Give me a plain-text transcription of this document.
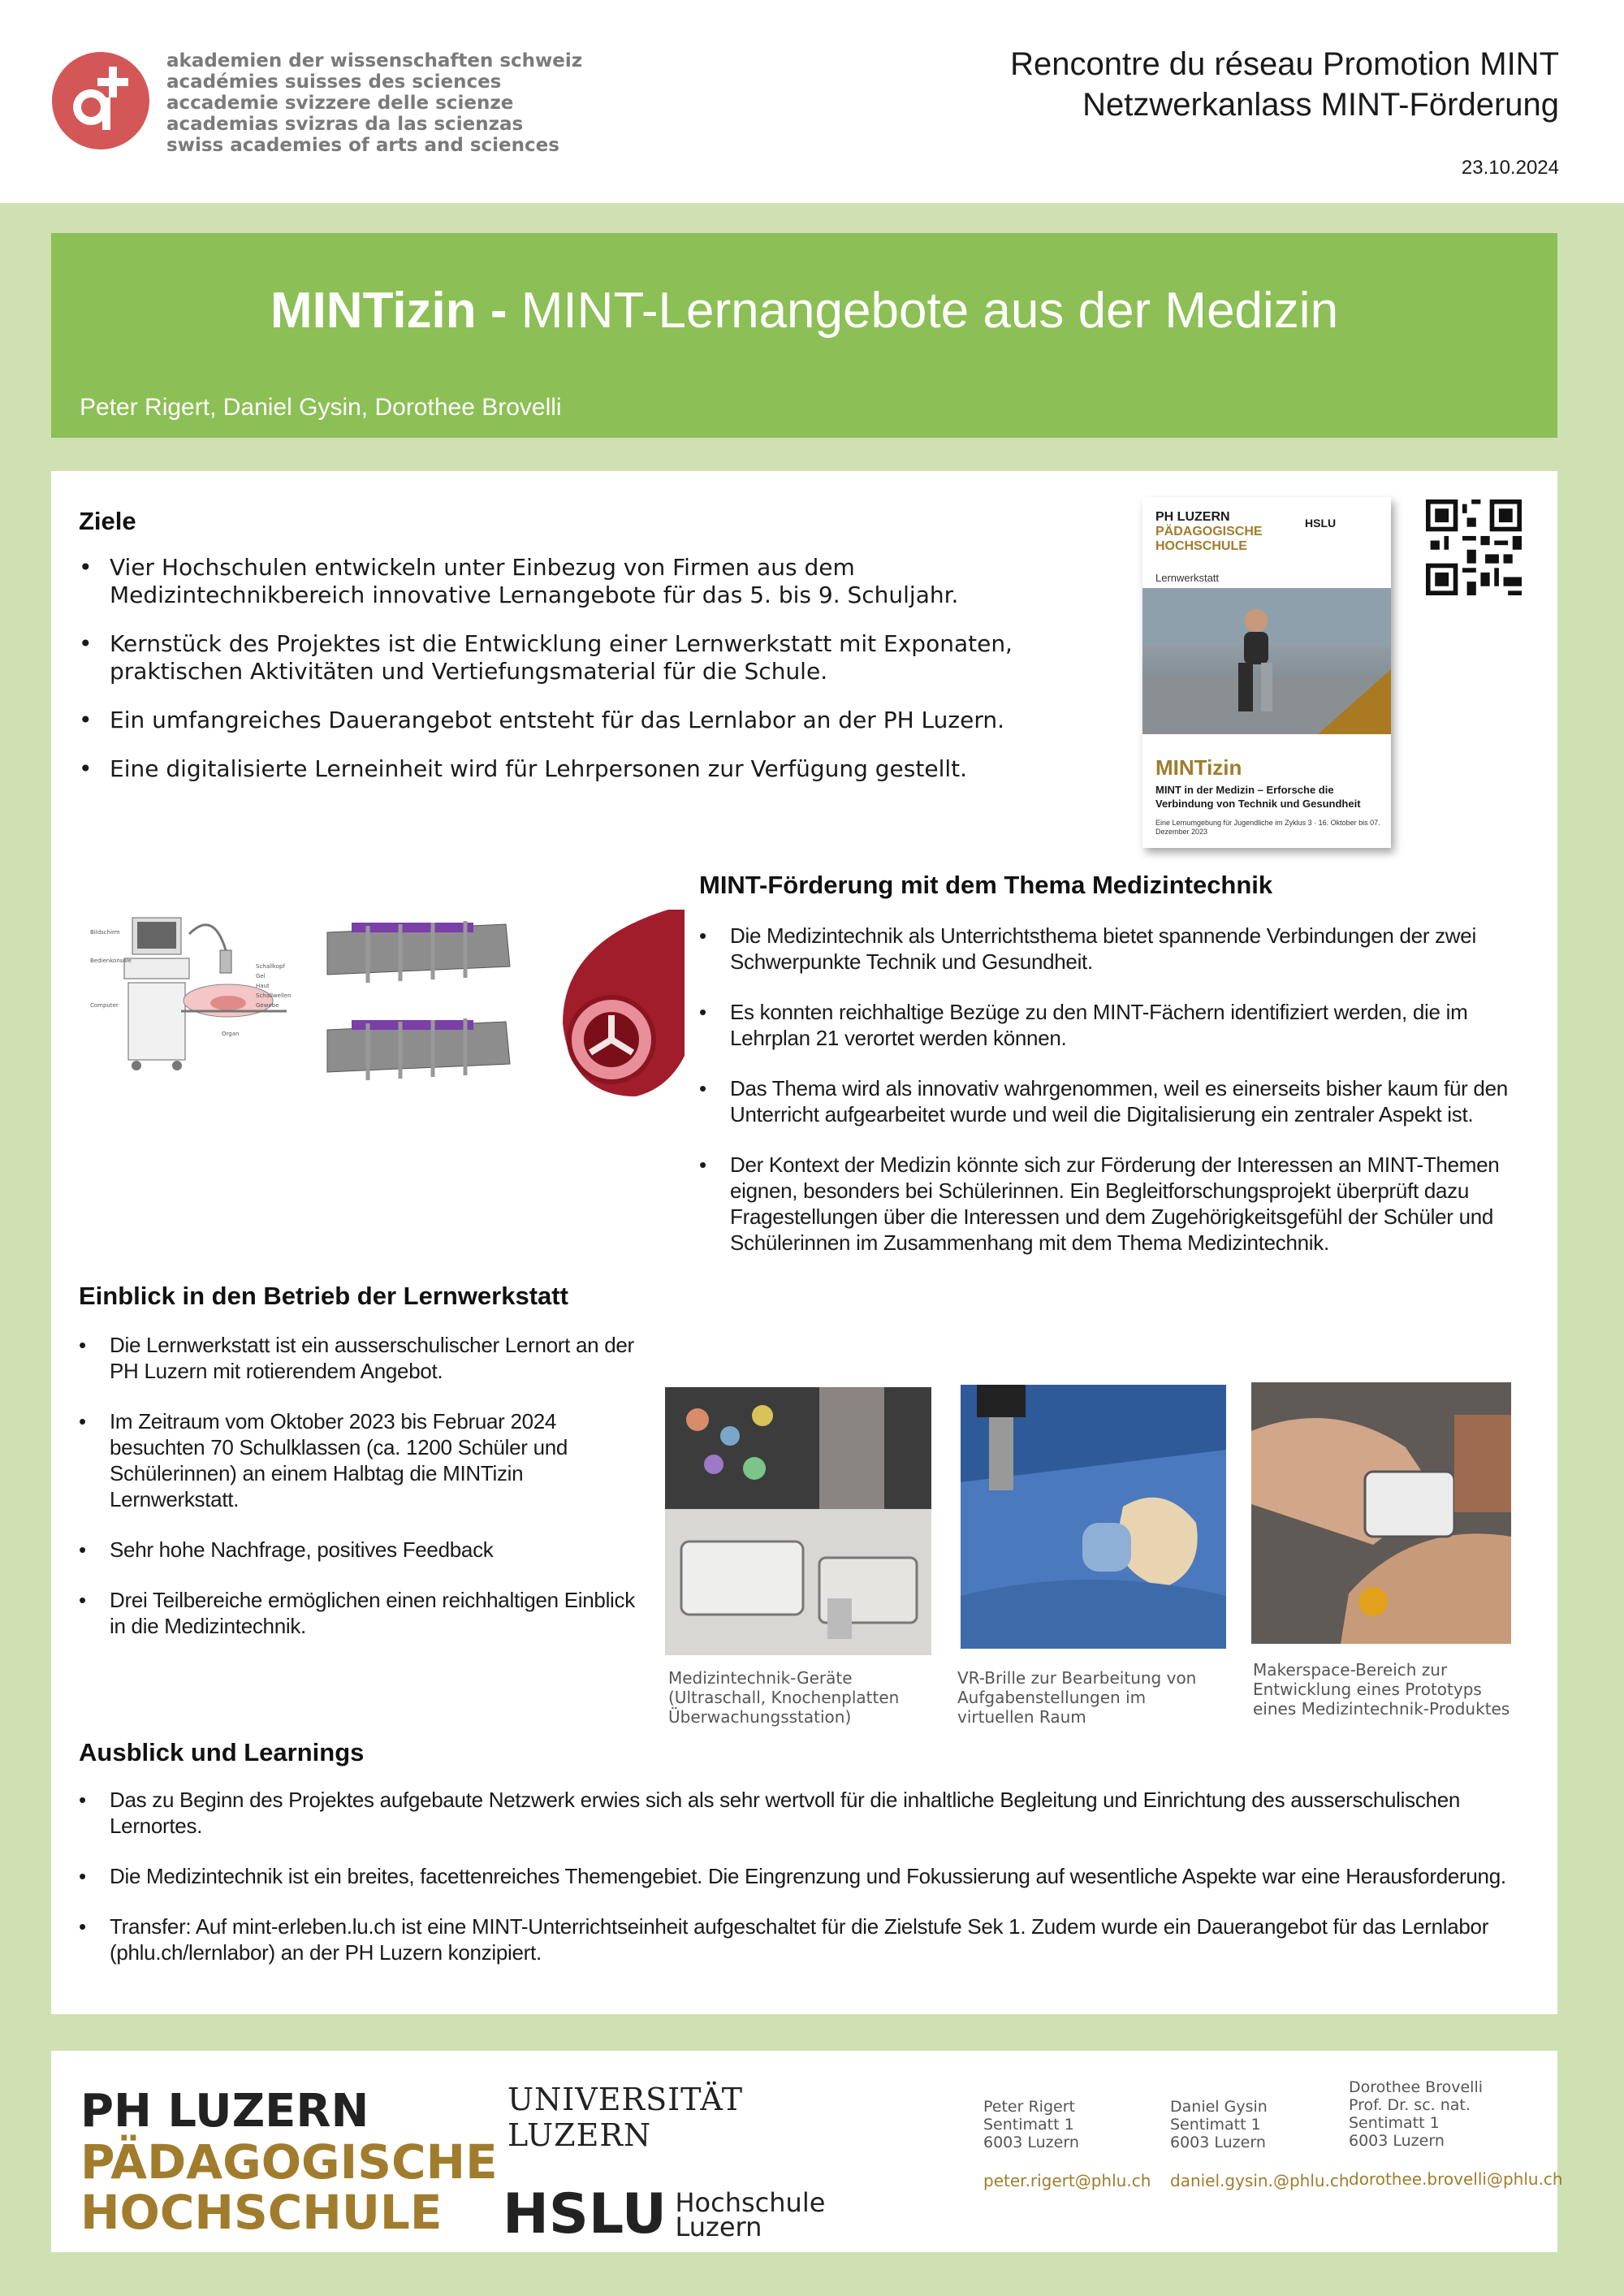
akademien der wissenschaften schweiz
académies suisses des sciences
accademie svizzere delle scienze
academias svizras da las scienzas
swiss academies of arts and sciences
Rencontre du réseau Promotion MINT
Netzwerkanlass MINT-Förderung
23.10.2024
MINTizin - MINT-Lernangebote aus der Medizin
Peter Rigert, Daniel Gysin, Dorothee Brovelli
Ziele
• Vier Hochschulen entwickeln unter Einbezug von Firmen aus dem Medizintechnikbereich innovative Lernangebote für das 5. bis 9. Schuljahr.
• Kernstück des Projektes ist die Entwicklung einer Lernwerkstatt mit Exponaten, praktischen Aktivitäten und Vertiefungsmaterial für die Schule.
• Ein umfangreiches Dauerangebot entsteht für das Lernlabor an der PH Luzern.
• Eine digitalisierte Lerneinheit wird für Lehrpersonen zur Verfügung gestellt.
PH LUZERN
PÄDAGOGISCHE
HOCHSCHULE
HSLU
Lernwerkstatt
MINTizin
MINT in der Medizin – Erforsche die Verbindung von Technik und Gesundheit
Eine Lernumgebung für Jugendliche im Zyklus 3 · 16. Oktober bis 07. Dezember 2023
Bildschirm
Bedienkonsole
Computer
Schallkopf
Gel
Haut
Schallwellen
Gewebe
Organ
MINT-Förderung mit dem Thema Medizintechnik
• Die Medizintechnik als Unterrichtsthema bietet spannende Verbindungen der zwei Schwerpunkte Technik und Gesundheit.
• Es konnten reichhaltige Bezüge zu den MINT-Fächern identifiziert werden, die im Lehrplan 21 verortet werden können.
• Das Thema wird als innovativ wahrgenommen, weil es einerseits bisher kaum für den Unterricht aufgearbeitet wurde und weil die Digitalisierung ein zentraler Aspekt ist.
• Der Kontext der Medizin könnte sich zur Förderung der Interessen an MINT-Themen eignen, besonders bei Schülerinnen. Ein Begleitforschungsprojekt überprüft dazu Fragestellungen über die Interessen und dem Zugehörigkeitsgefühl der Schüler und Schülerinnen im Zusammenhang mit dem Thema Medizintechnik.
Einblick in den Betrieb der Lernwerkstatt
• Die Lernwerkstatt ist ein ausserschulischer Lernort an der PH Luzern mit rotierendem Angebot.
• Im Zeitraum vom Oktober 2023 bis Februar 2024 besuchten 70 Schulklassen (ca. 1200 Schüler und Schülerinnen) an einem Halbtag die MINTizin Lernwerkstatt.
• Sehr hohe Nachfrage, positives Feedback
• Drei Teilbereiche ermöglichen einen reichhaltigen Einblick in die Medizintechnik.
Medizintechnik-Geräte (Ultraschall, Knochenplatten Überwachungsstation)
VR-Brille zur Bearbeitung von Aufgabenstellungen im virtuellen Raum
Makerspace-Bereich zur Entwicklung eines Prototyps eines Medizintechnik-Produktes
Ausblick und Learnings
• Das zu Beginn des Projektes aufgebaute Netzwerk erwies sich als sehr wertvoll für die inhaltliche Begleitung und Einrichtung des ausserschulischen Lernortes.
• Die Medizintechnik ist ein breites, facettenreiches Themengebiet. Die Eingrenzung und Fokussierung auf wesentliche Aspekte war eine Herausforderung.
• Transfer: Auf mint-erleben.lu.ch ist eine MINT-Unterrichtseinheit aufgeschaltet für die Zielstufe Sek 1. Zudem wurde ein Dauerangebot für das Lernlabor (phlu.ch/lernlabor) an der PH Luzern konzipiert.
PH LUZERN
PÄDAGOGISCHE
HOCHSCHULE
UNIVERSITÄT
LUZERN
HSLU Hochschule
Luzern
Peter Rigert
Sentimatt 1
6003 Luzern
peter.rigert@phlu.ch
Daniel Gysin
Sentimatt 1
6003 Luzern
daniel.gysin.@phlu.ch
Dorothee Brovelli
Prof. Dr. sc. nat.
Sentimatt 1
6003 Luzern
dorothee.brovelli@phlu.ch
